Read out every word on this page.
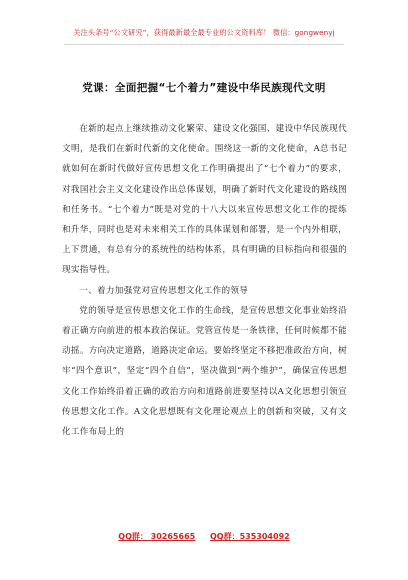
关注头条号“公文研究”，获得最新最全最专业的公文资料库！ 微信：gongwenyj
党课：全面把握“七个着力”建设中华民族现代文明

在新的起点上继续推动文化繁荣、建设文化强国、建设中华民族现代文明，是我们在新时代新的文化使命。围绕这一新的文化使命，A总书记就如何在新时代做好宣传思想文化工作明确提出了“七个着力”的要求，对我国社会主义文化建设作出总体谋划，明确了新时代文化建设的路线图和任务书。“七个着力”既是对党的十八大以来宣传思想文化工作的提炼和升华，同时也是对未来相关工作的具体谋划和部署，是一个内外相联，上下贯通，有总有分的系统性的结构体系，具有明确的目标指向和很强的现实指导性。

一、着力加强党对宣传思想文化工作的领导

党的领导是宣传思想文化工作的生命线，是宣传思想文化事业始终沿着正确方向前进的根本政治保证。党管宣传是一条铁律，任何时候都不能动摇。方向决定道路，道路决定命运。要始终坚定不移把准政治方向，树牢“四个意识”，坚定“四个自信”，坚决做到“两个维护”，确保宣传思想文化工作始终沿着正确的政治方向和道路前进要坚持以A文化思想引领宣传思想文化工作。A文化思想既有文化理论观点上的创新和突破，又有文化工作布局上的

QQ群： 30265665 QQ群：535304092
